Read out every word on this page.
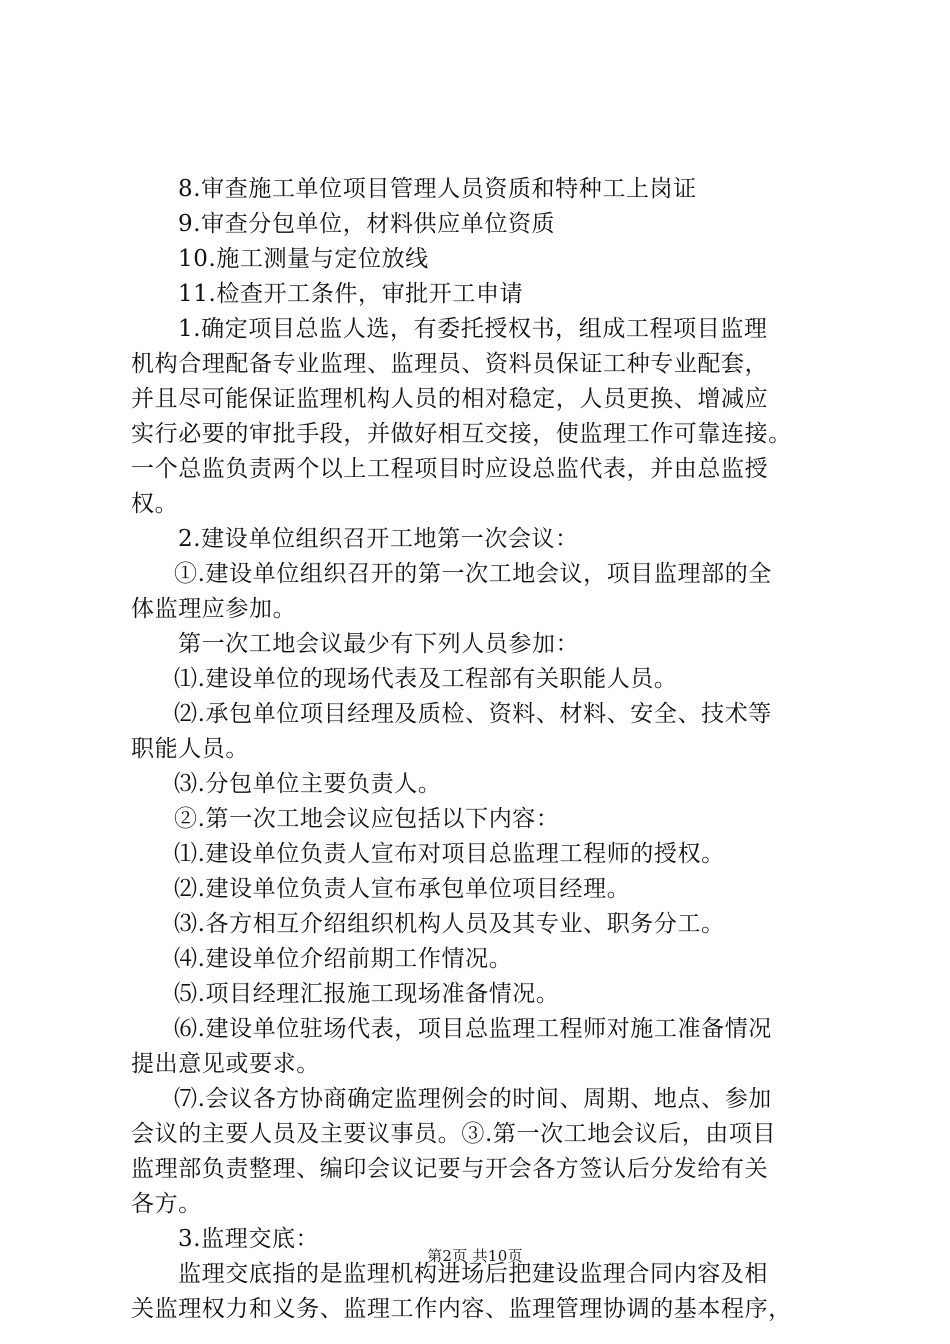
8.审查施工单位项目管理人员资质和特种工上岗证
9.审查分包单位，材料供应单位资质
10.施工测量与定位放线
11.检查开工条件，审批开工申请
1.确定项目总监人选，有委托授权书，组成工程项目监理
机构合理配备专业监理、监理员、资料员保证工种专业配套，
并且尽可能保证监理机构人员的相对稳定，人员更换、增减应
实行必要的审批手段，并做好相互交接，使监理工作可靠连接。
一个总监负责两个以上工程项目时应设总监代表，并由总监授
权。
2.建设单位组织召开工地第一次会议：
①.建设单位组织召开的第一次工地会议，项目监理部的全
体监理应参加。
第一次工地会议最少有下列人员参加：
⑴.建设单位的现场代表及工程部有关职能人员。
⑵.承包单位项目经理及质检、资料、材料、安全、技术等
职能人员。
⑶.分包单位主要负责人。
②.第一次工地会议应包括以下内容：
⑴.建设单位负责人宣布对项目总监理工程师的授权。
⑵.建设单位负责人宣布承包单位项目经理。
⑶.各方相互介绍组织机构人员及其专业、职务分工。
⑷.建设单位介绍前期工作情况。
⑸.项目经理汇报施工现场准备情况。
⑹.建设单位驻场代表，项目总监理工程师对施工准备情况
提出意见或要求。
⑺.会议各方协商确定监理例会的时间、周期、地点、参加
会议的主要人员及主要议事员。③.第一次工地会议后，由项目
监理部负责整理、编印会议记要与开会各方签认后分发给有关
各方。
3.监理交底：
监理交底指的是监理机构进场后把建设监理合同内容及相
关监理权力和义务、监理工作内容、监理管理协调的基本程序，
第2页 共10页
